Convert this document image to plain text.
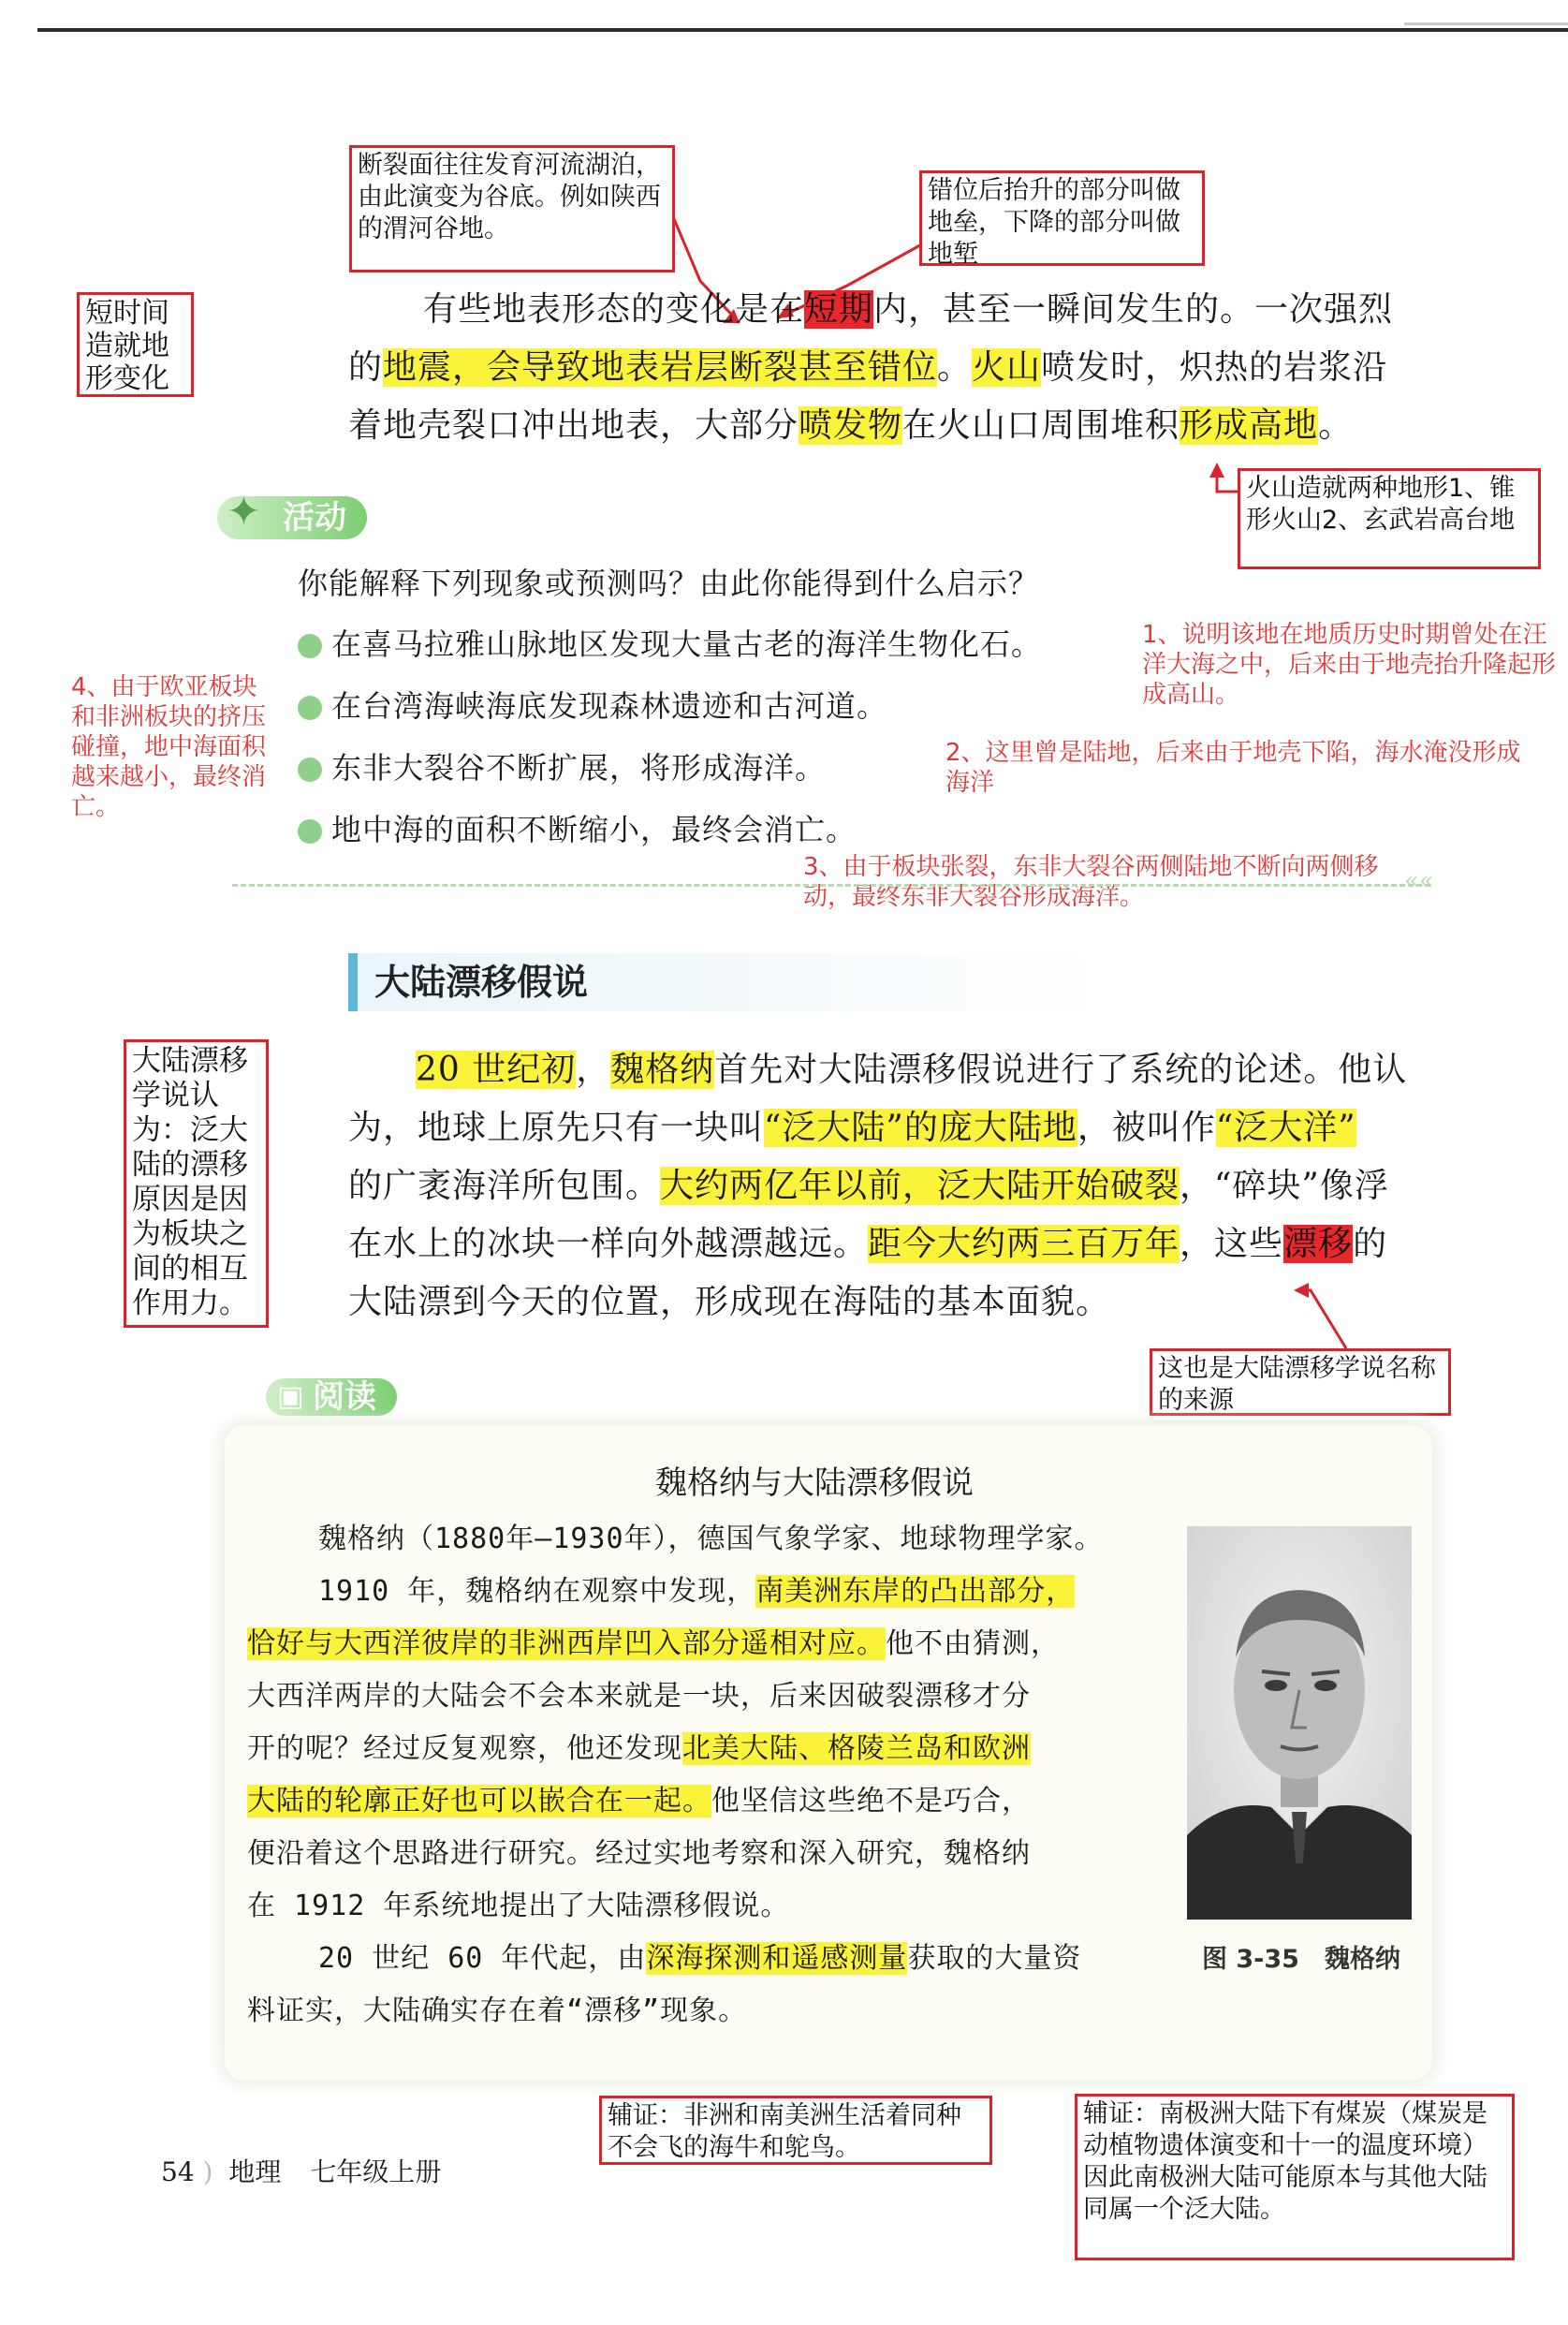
断裂面往往发育河流湖泊，由此演变为谷底。例如陕西的渭河谷地。
错位后抬升的部分叫做地垒，下降的部分叫做地堑
短时间造就地形变化
有些地表形态的变化是在短期内，甚至一瞬间发生的。一次强烈
的地震，会导致地表岩层断裂甚至错位。火山喷发时，炽热的岩浆沿
着地壳裂口冲出地表，大部分喷发物在火山口周围堆积形成高地。
火山造就两种地形1、锥形火山2、玄武岩高台地
✦ 活动
你能解释下列现象或预测吗？由此你能得到什么启示？
在喜马拉雅山脉地区发现大量古老的海洋生物化石。
在台湾海峡海底发现森林遗迹和古河道。
东非大裂谷不断扩展，将形成海洋。
地中海的面积不断缩小，最终会消亡。
1、说明该地在地质历史时期曾处在汪洋大海之中，后来由于地壳抬升隆起形成高山。
2、这里曾是陆地，后来由于地壳下陷，海水淹没形成海洋
3、由于板块张裂，东非大裂谷两侧陆地不断向两侧移动，最终东非大裂谷形成海洋。
4、由于欧亚板块和非洲板块的挤压碰撞，地中海面积越来越小，最终消亡。
««
大陆漂移假说
大陆漂移学说认为：泛大陆的漂移原因是因为板块之间的相互作用力。
20 世纪初，魏格纳首先对大陆漂移假说进行了系统的论述。他认
为，地球上原先只有一块叫“泛大陆”的庞大陆地，被叫作“泛大洋”
的广袤海洋所包围。大约两亿年以前，泛大陆开始破裂，“碎块”像浮
在水上的冰块一样向外越漂越远。距今大约两三百万年，这些漂移的
大陆漂到今天的位置，形成现在海陆的基本面貌。
这也是大陆漂移学说名称的来源
▣ 阅读
魏格纳与大陆漂移假说
魏格纳（1880年—1930年），德国气象学家、地球物理学家。
1910 年，魏格纳在观察中发现，南美洲东岸的凸出部分，
恰好与大西洋彼岸的非洲西岸凹入部分遥相对应。他不由猜测，
大西洋两岸的大陆会不会本来就是一块，后来因破裂漂移才分
开的呢？经过反复观察，他还发现北美大陆、格陵兰岛和欧洲
大陆的轮廓正好也可以嵌合在一起。他坚信这些绝不是巧合，
便沿着这个思路进行研究。经过实地考察和深入研究，魏格纳
在 1912 年系统地提出了大陆漂移假说。
20 世纪 60 年代起，由深海探测和遥感测量获取的大量资
料证实，大陆确实存在着“漂移”现象。
图 3-35　魏格纳
辅证：非洲和南美洲生活着同种不会飞的海牛和鸵鸟。
辅证：南极洲大陆下有煤炭（煤炭是动植物遗体演变和十一的温度环境）因此南极洲大陆可能原本与其他大陆同属一个泛大陆。
54 ) 地理 七年级上册
